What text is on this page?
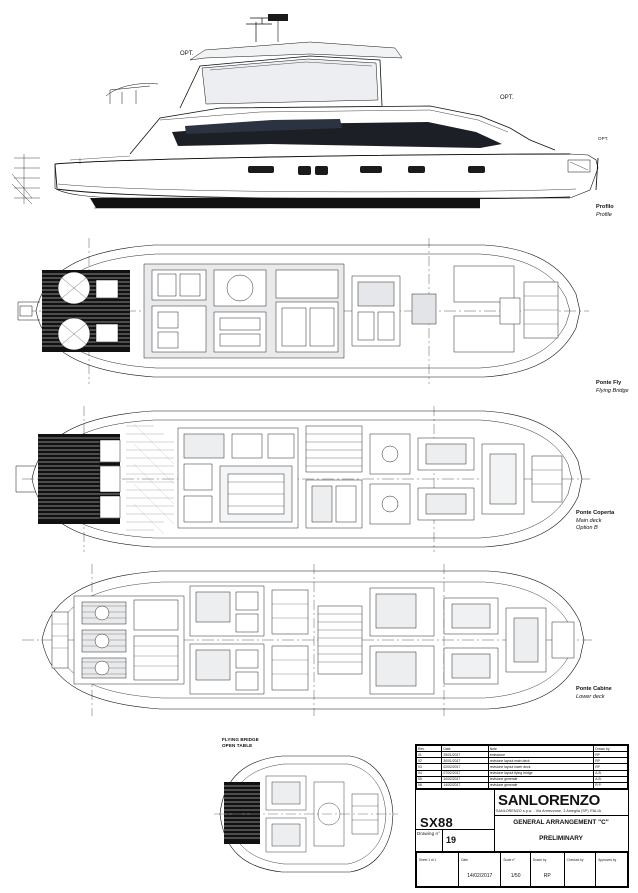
OPT.
OPT.
OPT.
Profilo
Profile
Ponte Fly
Flying Bridge
Ponte Coperta
Main deck
Option B
Ponte Cabine
Lower deck
FLYING BRIDGE
OPEN TABLE
Rev.	Date	Note	Drawn by
01	25/01/2017	emissione	RP
02	30/01/2017	revisione layout main deck	RP
03	02/02/2017	revisione layout lower deck	RP
04	07/02/2017	revisione layout flying bridge	A.B.
05	10/02/2017	revisione generale	A.B.
06	14/02/2017	revisione generale	R.P.
SX88
Drawing n°
19
SANLORENZO
SANLORENZO s.p.a. - Via Armezzone, 3 Ameglia (SP) ITALIA
GENERAL ARRANGEMENT "C"
PRELIMINARY
Sheet 1 of 1	Date	Scale n°	Drawn by	Checked by	Approved by
	14/02/2017	1/50	RP		
